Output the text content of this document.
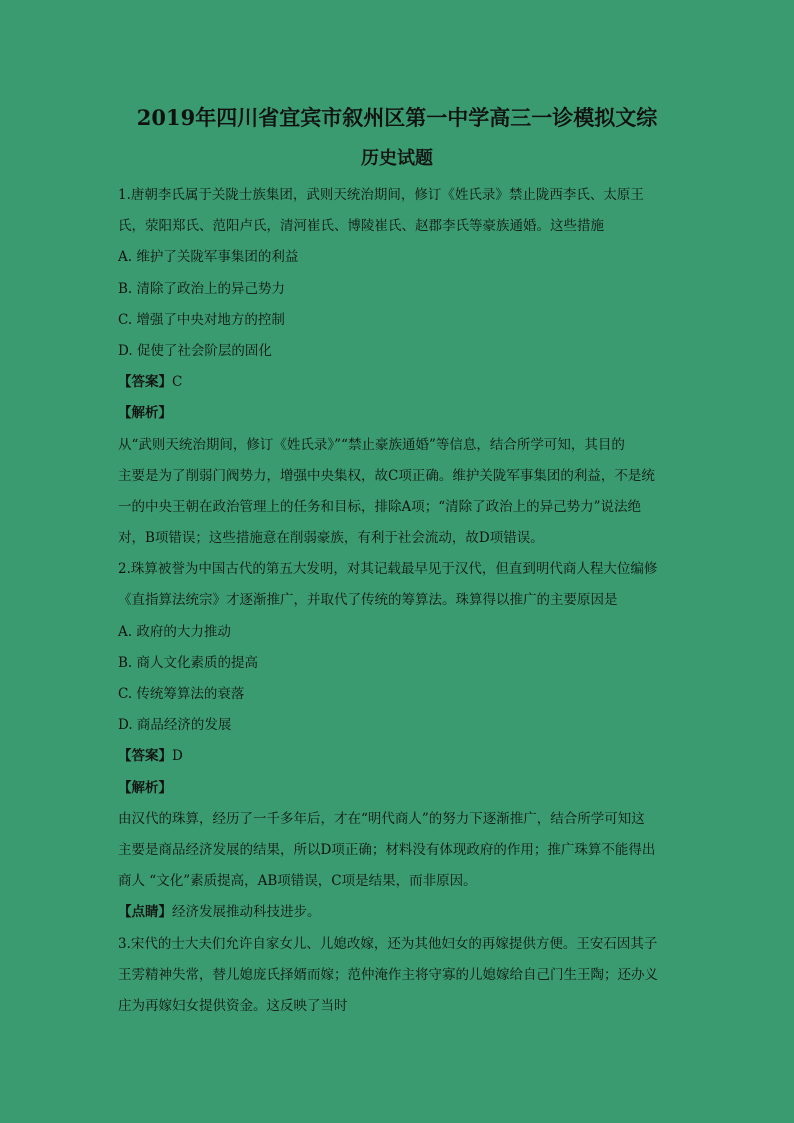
2019年四川省宜宾市叙州区第一中学高三一诊模拟文综
历史试题
1.唐朝李氏属于关陇士族集团，武则天统治期间，修订《姓氏录》禁止陇西李氏、太原王
氏，荥阳郑氏、范阳卢氏，清河崔氏、博陵崔氏、赵郡李氏等豪族通婚。这些措施
A. 维护了关陇军事集团的利益
B. 清除了政治上的异己势力
C. 增强了中央对地方的控制
D. 促使了社会阶层的固化
【答案】C
【解析】
从“武则天统治期间，修订《姓氏录》”“禁止豪族通婚”等信息，结合所学可知，其目的
主要是为了削弱门阀势力，增强中央集权，故C项正确。维护关陇军事集团的利益，不是统
一的中央王朝在政治管理上的任务和目标，排除A项；“清除了政治上的异己势力”说法绝
对，B项错误；这些措施意在削弱豪族，有利于社会流动，故D项错误。
2.珠算被誉为中国古代的第五大发明，对其记载最早见于汉代，但直到明代商人程大位编修
《直指算法统宗》才逐渐推广，并取代了传统的筹算法。珠算得以推广的主要原因是
A. 政府的大力推动
B. 商人文化素质的提高
C. 传统筹算法的衰落
D. 商品经济的发展
【答案】D
【解析】
由汉代的珠算，经历了一千多年后，才在“明代商人”的努力下逐渐推广，结合所学可知这
主要是商品经济发展的结果，所以D项正确；材料没有体现政府的作用；推广珠算不能得出
商人 “文化”素质提高，AB项错误，C项是结果，而非原因。
【点睛】经济发展推动科技进步。
3.宋代的士大夫们允许自家女儿、儿媳改嫁，还为其他妇女的再嫁提供方便。王安石因其子
王雱精神失常，替儿媳庞氏择婿而嫁；范仲淹作主将守寡的儿媳嫁给自己门生王陶；还办义
庄为再嫁妇女提供资金。这反映了当时
